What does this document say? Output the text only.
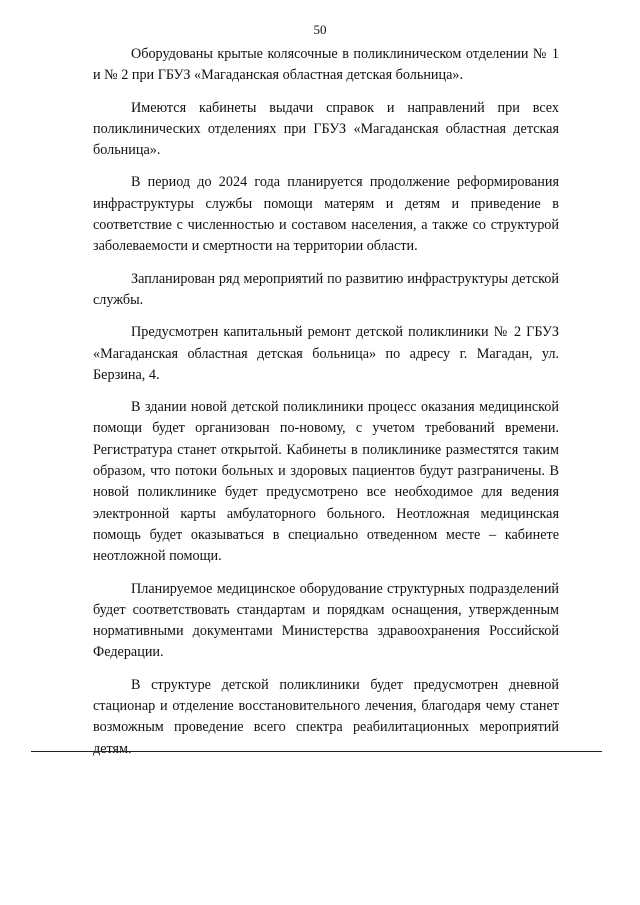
50

Оборудованы крытые колясочные в поликлиническом отделении № 1 и № 2 при ГБУЗ «Магаданская областная детская больница».

Имеются кабинеты выдачи справок и направлений при всех поликлинических отделениях при ГБУЗ «Магаданская областная детская больница».

В период до 2024 года планируется продолжение реформирования инфраструктуры службы помощи матерям и детям и приведение в соответствие с численностью и составом населения, а также со структурой заболеваемости и смертности на территории области.

Запланирован ряд мероприятий по развитию инфраструктуры детской службы.

Предусмотрен капитальный ремонт детской поликлиники № 2 ГБУЗ «Магаданская областная детская больница» по адресу г. Магадан, ул. Берзина, 4.

В здании новой детской поликлиники процесс оказания медицинской помощи будет организован по-новому, с учетом требований времени. Регистратура станет открытой. Кабинеты в поликлинике разместятся таким образом, что потоки больных и здоровых пациентов будут разграничены. В новой поликлинике будет предусмотрено все необходимое для ведения электронной карты амбулаторного больного. Неотложная медицинская помощь будет оказываться в специально отведенном месте – кабинете неотложной помощи.

Планируемое медицинское оборудование структурных подразделений будет соответствовать стандартам и порядкам оснащения, утвержденным нормативными документами Министерства здравоохранения Российской Федерации.

В структуре детской поликлиники будет предусмотрен дневной стационар и отделение восстановительного лечения, благодаря чему станет возможным проведение всего спектра реабилитационных мероприятий детям.
